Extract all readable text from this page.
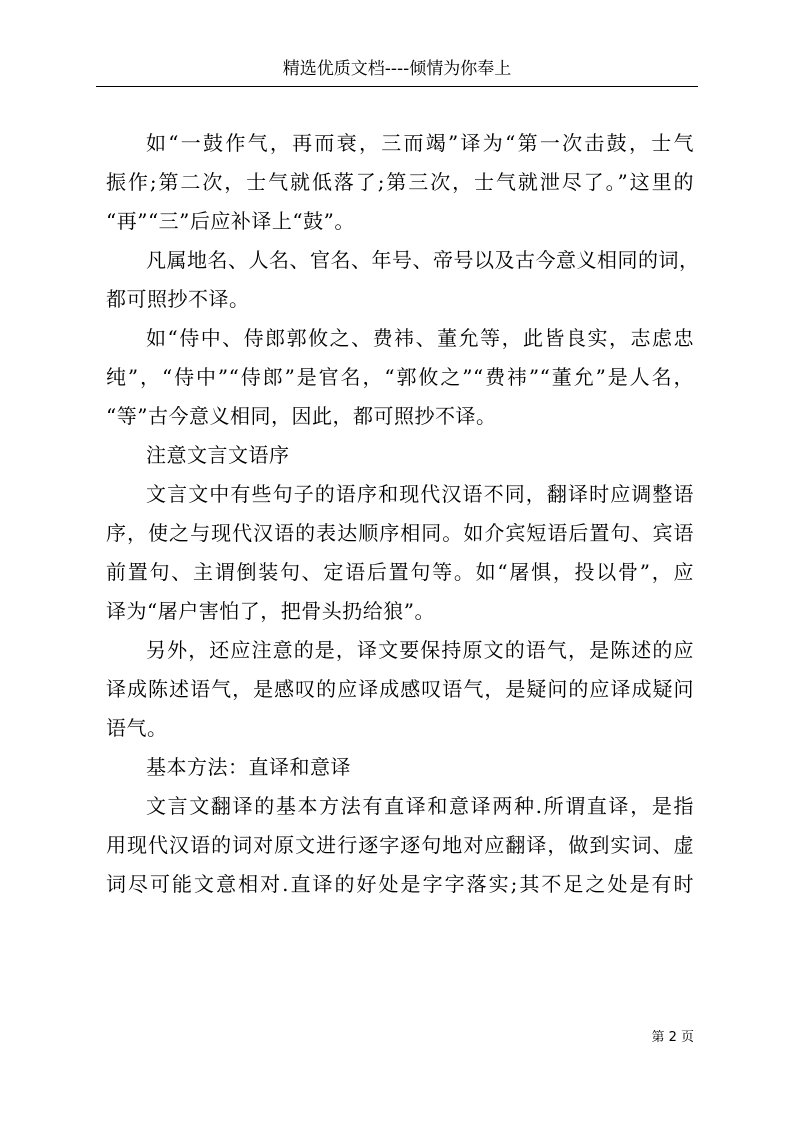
精选优质文档----倾情为你奉上
如“一鼓作气，再而衰，三而竭”译为“第一次击鼓，士气
振作;第二次，士气就低落了;第三次，士气就泄尽了。”这里的
“再”“三”后应补译上“鼓”。
凡属地名、人名、官名、年号、帝号以及古今意义相同的词，
都可照抄不译。
如“侍中、侍郎郭攸之、费祎、董允等，此皆良实，志虑忠
纯”，“侍中”“侍郎”是官名，“郭攸之”“费祎”“董允”是人名，
“等”古今意义相同，因此，都可照抄不译。
注意文言文语序
文言文中有些句子的语序和现代汉语不同，翻译时应调整语
序，使之与现代汉语的表达顺序相同。如介宾短语后置句、宾语
前置句、主谓倒装句、定语后置句等。如“屠惧，投以骨”，应
译为“屠户害怕了，把骨头扔给狼”。
另外，还应注意的是，译文要保持原文的语气，是陈述的应
译成陈述语气，是感叹的应译成感叹语气，是疑问的应译成疑问
语气。
基本方法：直译和意译
文言文翻译的基本方法有直译和意译两种.所谓直译，是指
用现代汉语的词对原文进行逐字逐句地对应翻译，做到实词、虚
词尽可能文意相对.直译的好处是字字落实;其不足之处是有时
第 2 页
